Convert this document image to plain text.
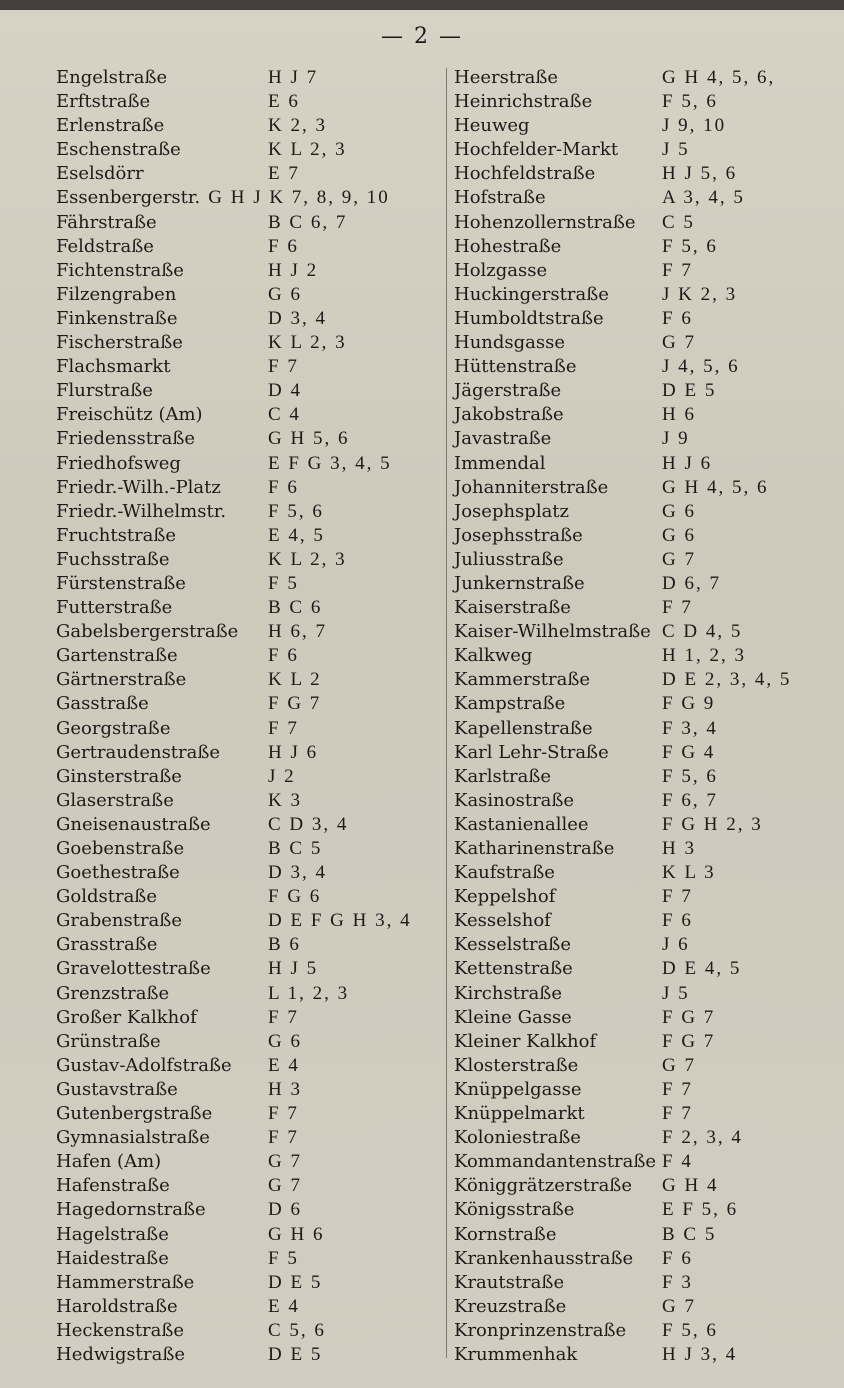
— 2 —
Engelstraße	H J 7
Erftstraße	E 6
Erlenstraße	K 2, 3
Eschenstraße	K L 2, 3
Eselsdörr	E 7
Essenbergerstr. G H J K 7, 8, 9, 10
Fährstraße	B C 6, 7
Feldstraße	F 6
Fichtenstraße	H J 2
Filzengraben	G 6
Finkenstraße	D 3, 4
Fischerstraße	K L 2, 3
Flachsmarkt	F 7
Flurstraße	D 4
Freischütz (Am)	C 4
Friedensstraße	G H 5, 6
Friedhofsweg	E F G 3, 4, 5
Friedr.-Wilh.-Platz F 6
Friedr.-Wilhelmstr. F 5, 6
Fruchtstraße	E 4, 5
Fuchsstraße	K L 2, 3
Fürstenstraße	F 5
Futterstraße	B C 6
Gabelsbergerstraße H 6, 7
Gartenstraße	F 6
Gärtnerstraße	K L 2
Gasstraße	F G 7
Georgstraße	F 7
Gertraudenstraße	H J 6
Ginsterstraße	J 2
Glaserstraße	K 3
Gneisenaustraße	C D 3, 4
Goebenstraße	B C 5
Goethestraße	D 3, 4
Goldstraße	F G 6
Grabenstraße	D E F G H 3, 4
Grasstraße	B 6
Gravelottestraße	H J 5
Grenzstraße	L 1, 2, 3
Großer Kalkhof	F 7
Grünstraße	G 6
Gustav-Adolfstraße E 4
Gustavstraße	H 3
Gutenbergstraße	F 7
Gymnasialstraße	F 7
Hafen (Am)	G 7
Hafenstraße	G 7
Hagedornstraße	D 6
Hagelstraße	G H 6
Haidestraße	F 5
Hammerstraße	D E 5
Haroldstraße	E 4
Heckenstraße	C 5, 6
Hedwigstraße	D E 5
Heerstraße	G H 4, 5, 6,
Heinrichstraße	F 5, 6
Heuweg	J 9, 10
Hochfelder-Markt J 5
Hochfeldstraße	H J 5, 6
Hofstraße	A 3, 4, 5
Hohenzollernstraße C 5
Hohestraße	F 5, 6
Holzgasse	F 7
Huckingerstraße	J K 2, 3
Humboldtstraße	F 6
Hundsgasse	G 7
Hüttenstraße	J 4, 5, 6
Jägerstraße	D E 5
Jakobstraße	H 6
Javastraße	J 9
Immendal	H J 6
Johanniterstraße	G H 4, 5, 6
Josephsplatz	G 6
Josephsstraße	G 6
Juliusstraße	G 7
Junkernstraße	D 6, 7
Kaiserstraße	F 7
Kaiser-Wilhelmstraße C D 4, 5
Kalkweg	H 1, 2, 3
Kammerstraße	D E 2, 3, 4, 5
Kampstraße	F G 9
Kapellenstraße	F 3, 4
Karl Lehr-Straße	F G 4
Karlstraße	F 5, 6
Kasinostraße	F 6, 7
Kastanienallee	F G H 2, 3
Katharinenstraße	H 3
Kaufstraße	K L 3
Keppelshof	F 7
Kesselshof	F 6
Kesselstraße	J 6
Kettenstraße	D E 4, 5
Kirchstraße	J 5
Kleine Gasse	F G 7
Kleiner Kalkhof	F G 7
Klosterstraße	G 7
Knüppelgasse	F 7
Knüppelmarkt	F 7
Koloniestraße	F 2, 3, 4
Kommandantenstraße F 4
Königgrätzerstraße G H 4
Königsstraße	E F 5, 6
Kornstraße	B C 5
Krankenhausstraße F 6
Krautstraße	F 3
Kreuzstraße	G 7
Kronprinzenstraße F 5, 6
Krummenhak	H J 3, 4
